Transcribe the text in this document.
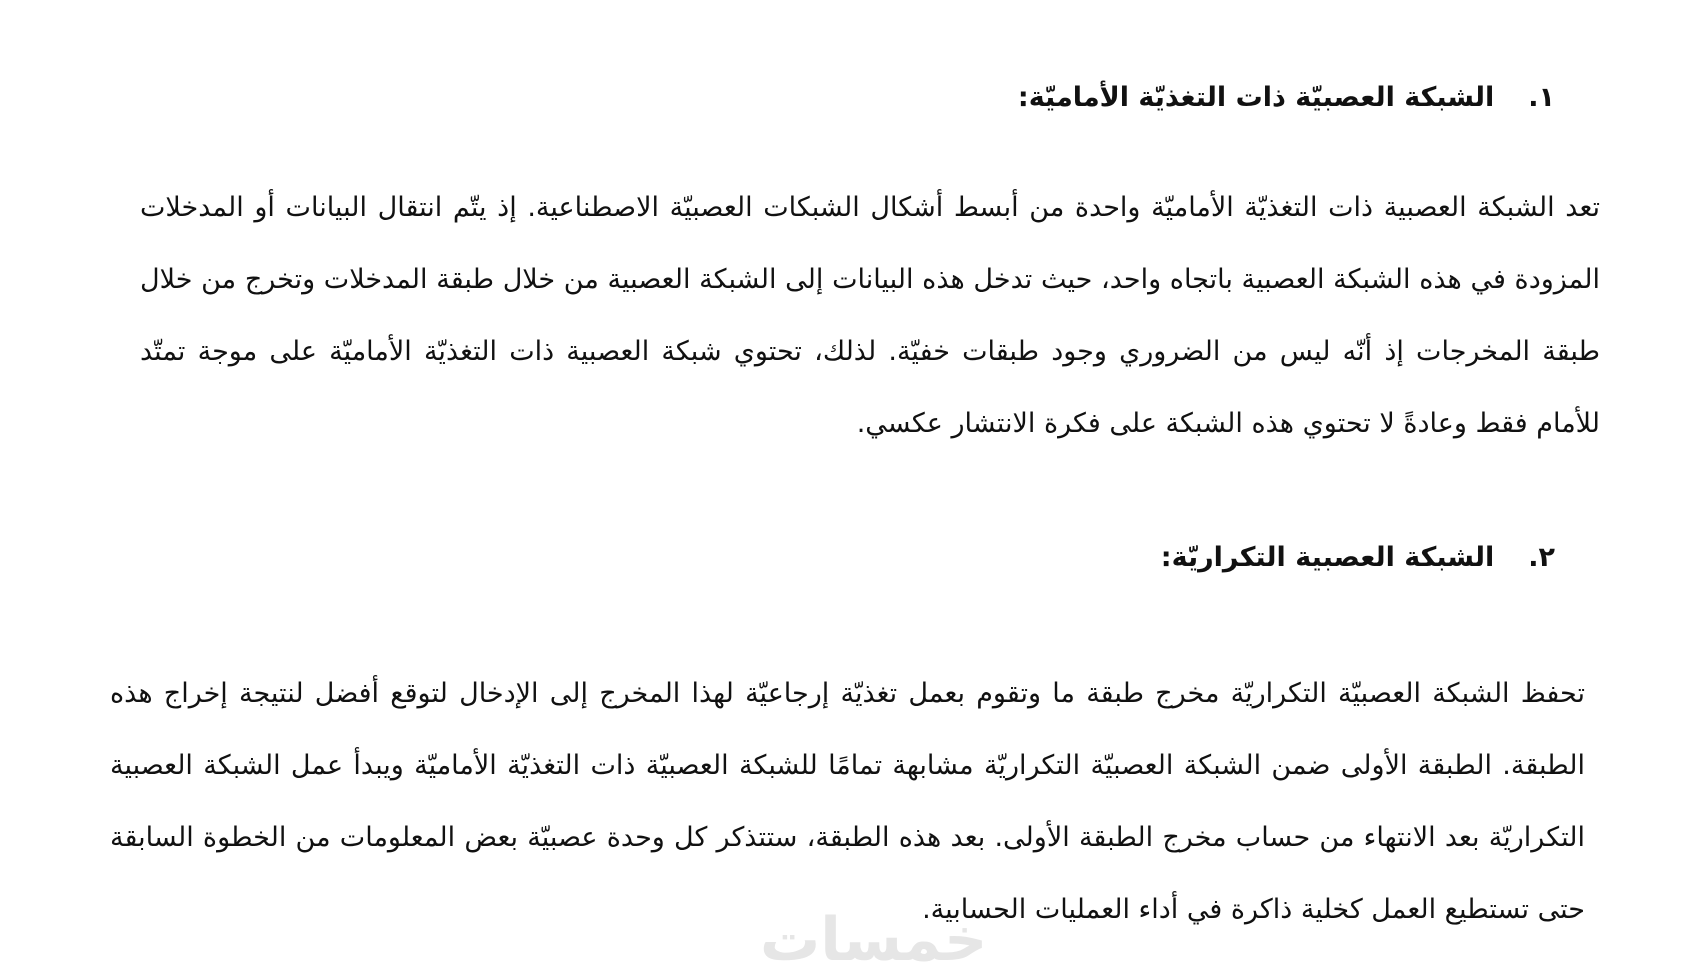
١.
الشبكة العصبيّة ذات التغذيّة الأماميّة:

تعد الشبكة العصبية ذات التغذيّة الأماميّة واحدة من أبسط أشكال الشبكات العصبيّة الاصطناعية. إذ يتّم انتقال البيانات أو المدخلات المزودة في هذه الشبكة العصبية باتجاه واحد، حيث تدخل هذه البيانات إلى الشبكة العصبية من خلال طبقة المدخلات وتخرج من خلال طبقة المخرجات إذ أنّه ليس من الضروري وجود طبقات خفيّة. لذلك، تحتوي شبكة العصبية ذات التغذيّة الأماميّة على موجة تمتّد للأمام فقط وعادةً لا تحتوي هذه الشبكة على فكرة الانتشار عكسي.

٢.
الشبكة العصبية التكراريّة:

تحفظ الشبكة العصبيّة التكراريّة مخرج طبقة ما وتقوم بعمل تغذيّة إرجاعيّة لهذا المخرج إلى الإدخال لتوقع أفضل لنتيجة إخراج هذه الطبقة. الطبقة الأولى ضمن الشبكة العصبيّة التكراريّة مشابهة تمامًا للشبكة العصبيّة ذات التغذيّة الأماميّة ويبدأ عمل الشبكة العصبية التكراريّة بعد الانتهاء من حساب مخرج الطبقة الأولى. بعد هذه الطبقة، ستتذكر كل وحدة عصبيّة بعض المعلومات من الخطوة السابقة حتى تستطيع العمل كخلية ذاكرة في أداء العمليات الحسابية.

خمسات
